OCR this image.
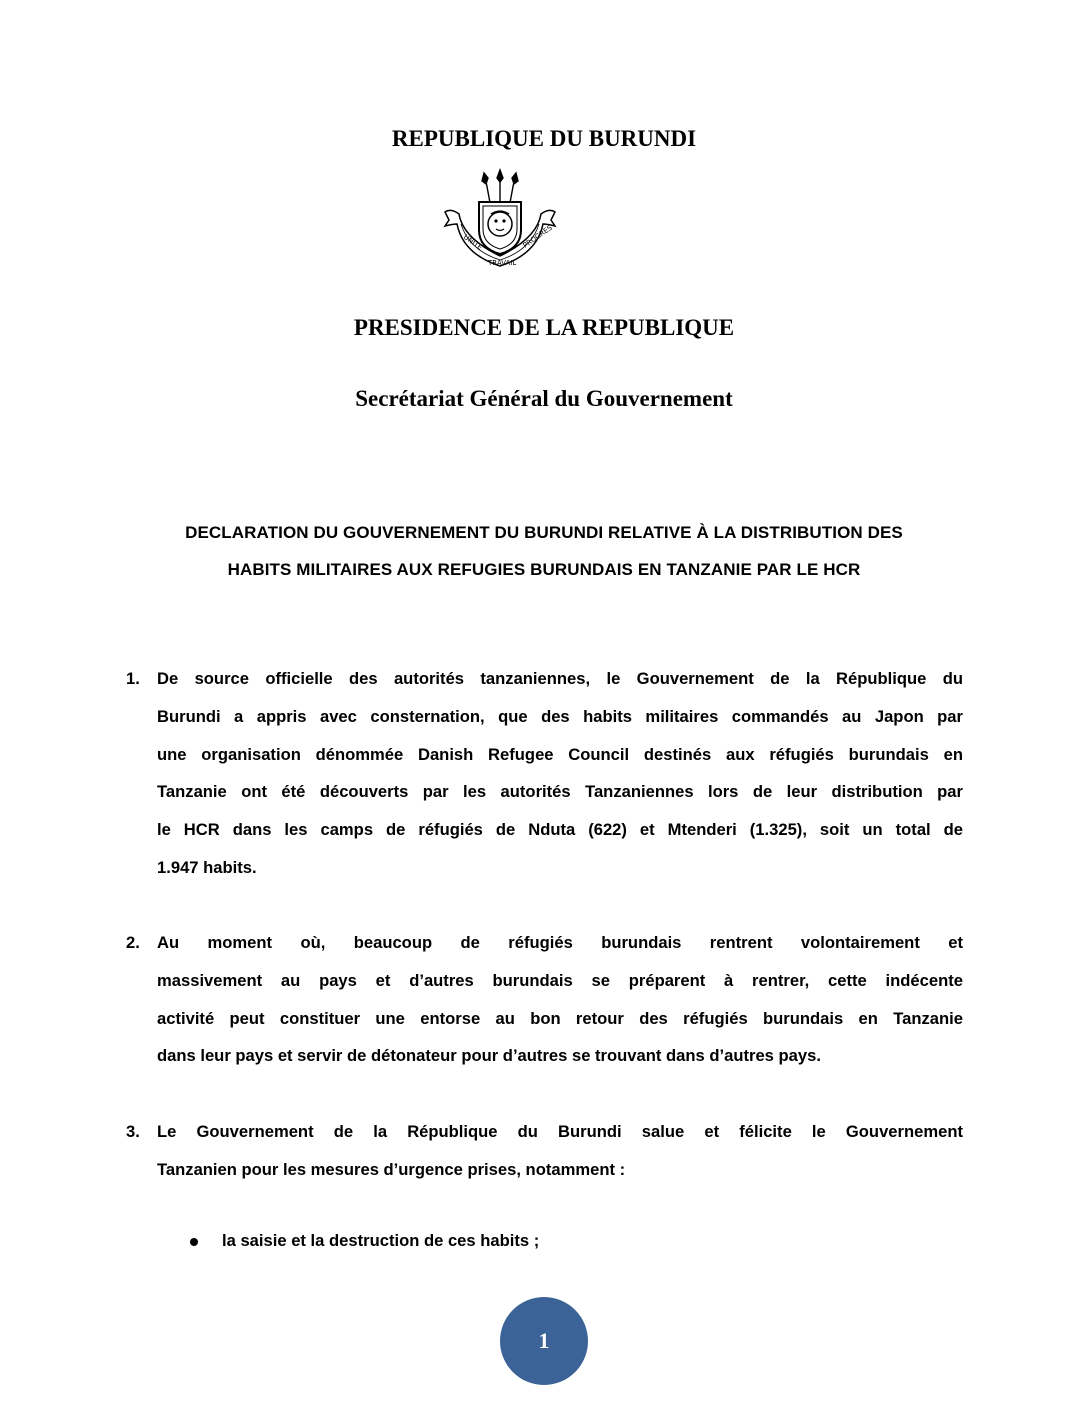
REPUBLIQUE DU BURUNDI
UNITE
TRAVAIL
PROGRES
PRESIDENCE DE LA REPUBLIQUE
Secrétariat Général du Gouvernement
DECLARATION DU GOUVERNEMENT DU BURUNDI RELATIVE À LA DISTRIBUTION DES
HABITS MILITAIRES AUX REFUGIES BURUNDAIS EN TANZANIE PAR LE HCR
1. De source officielle des autorités tanzaniennes, le Gouvernement de la République du
Burundi a appris avec consternation, que des habits militaires commandés au Japon par
une organisation dénommée Danish Refugee Council destinés aux réfugiés burundais en
Tanzanie ont été découverts par les autorités Tanzaniennes lors de leur distribution par
le HCR dans les camps de réfugiés de Nduta (622) et Mtenderi (1.325), soit un total de
1.947 habits.
2. Au moment où, beaucoup de réfugiés burundais rentrent volontairement et
massivement au pays et d’autres burundais se préparent à rentrer, cette indécente
activité peut constituer une entorse au bon retour des réfugiés burundais en Tanzanie
dans leur pays et servir de détonateur pour d’autres se trouvant dans d’autres pays.
3. Le Gouvernement de la République du Burundi salue et félicite le Gouvernement
Tanzanien pour les mesures d’urgence prises, notamment :
la saisie et la destruction de ces habits ;
1
